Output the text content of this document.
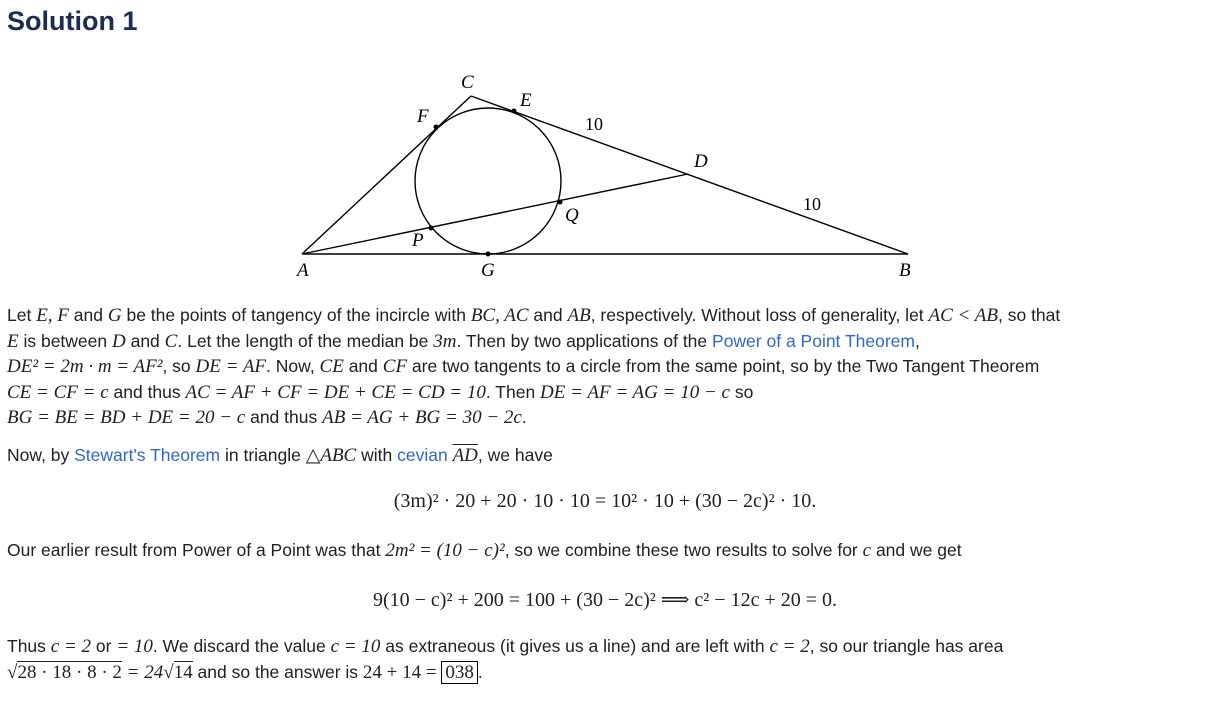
Solution 1
C
E
F
D
Q
P
A	G	B
10
10

Let E, F and G be the points of tangency of the incircle with BC, AC and AB, respectively. Without loss of generality, let AC < AB, so that
E is between D and C. Let the length of the median be 3m. Then by two applications of the Power of a Point Theorem,
DE² = 2m · m = AF², so DE = AF. Now, CE and CF are two tangents to a circle from the same point, so by the Two Tangent Theorem
CE = CF = c and thus AC = AF + CF = DE + CE = CD = 10. Then DE = AF = AG = 10 − c so
BG = BE = BD + DE = 20 − c and thus AB = AG + BG = 30 − 2c.

Now, by Stewart's Theorem in triangle △ABC with cevian $\overline{AD}$, we have

(3m)² · 20 + 20 · 10 · 10 = 10² · 10 + (30 − 2c)² · 10.

Our earlier result from Power of a Point was that 2m² = (10 − c)², so we combine these two results to solve for c and we get

9(10 − c)² + 200 = 100 + (30 − 2c)² ⟹ c² − 12c + 20 = 0.

Thus c = 2 or = 10. We discard the value c = 10 as extraneous (it gives us a line) and are left with c = 2, so our triangle has area
√28 · 18 · 8 · 2 = 24√14 and so the answer is 24 + 14 = 038 .
